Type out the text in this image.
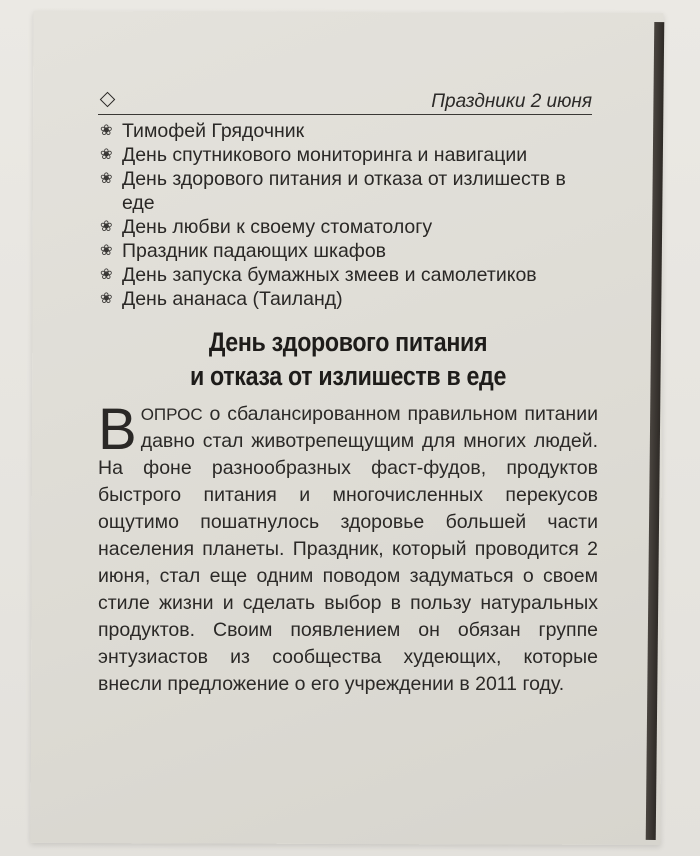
Праздники 2 июня
❀ Тимофей Грядочник
❀ День спутникового мониторинга и навигации
❀ День здорового питания и отказа от излишеств в еде
❀ День любви к своему стоматологу
❀ Праздник падающих шкафов
❀ День запуска бумажных змеев и самолетиков
❀ День ананаса (Таиланд)
День здорового питания
и отказа от излишеств в еде
ВОПРОС о сбалансированном правильном питании давно стал животрепещущим для многих людей. На фоне разнообразных фаст-фудов, продуктов быстрого питания и многочисленных перекусов ощутимо пошатнулось здоровье большей части населения планеты. Праздник, который проводится 2 июня, стал еще одним поводом задуматься о своем стиле жизни и сделать выбор в пользу натуральных продуктов. Своим появлением он обязан группе энтузиастов из сообщества худеющих, которые внесли предложение о его учреждении в 2011 году.
